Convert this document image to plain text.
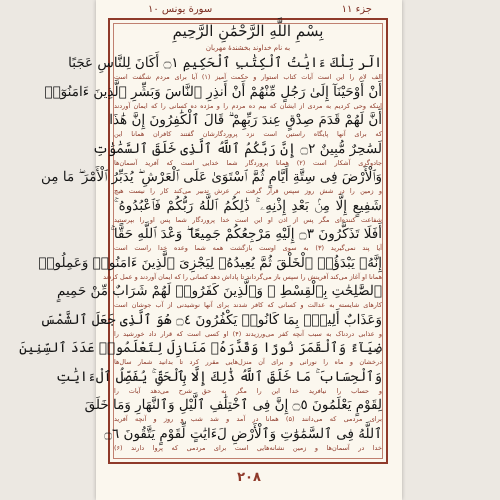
جزء ۱۱
سورة يونس ۱۰
بِسْمِ اللَّهِ الرَّحْمَٰنِ الرَّحِيمِ
به نام خداوند بخشندهٔ مهربان
الٓر تِلْكَ ءَايَٰتُ ٱلْكِتَٰبِ ٱلْحَكِيمِ ۝١ أَكَانَ لِلنَّاسِ عَجَبًا
الف لام را این است آیات کتاب استوار و حکمت آمیز (۱) آیا برای مردم شگفت است
أَنْ أَوْحَيْنَآ إِلَىٰ رَجُلٍ مِّنْهُمْ أَنْ أَنذِرِ ٱلنَّاسَ وَبَشِّرِ ٱلَّذِينَ ءَامَنُوٓا۟
اینکه وحی کردیم به مردی از ایشان که بیم ده مردم را و مژده ده کسانی را که ایمان آوردند
أَنَّ لَهُمْ قَدَمَ صِدْقٍ عِندَ رَبِّهِمْ ۗ قَالَ ٱلْكَٰفِرُونَ إِنَّ هَٰذَا
که برای آنها پایگاه راستین است نزد پروردگارشان گفتند کافران همانا این
لَسَٰحِرٌ مُّبِينٌ ۝٢ إِنَّ رَبَّكُمُ ٱللَّهُ ٱلَّذِى خَلَقَ ٱلسَّمَٰوَٰتِ
جادوگری آشکار است (۲) همانا پروردگار شما خدایی است که آفرید آسمان‌ها
وَٱلْأَرْضَ فِى سِتَّةِ أَيَّامٍ ثُمَّ ٱسْتَوَىٰ عَلَى ٱلْعَرْشِ ۖ يُدَبِّرُ ٱلْأَمْرَ ۖ مَا مِن
و زمین را در شش روز سپس قرار گرفت بر عرش تدبیر می‌کند کار را نیست هیچ
شَفِيعٍ إِلَّا مِنۢ بَعْدِ إِذْنِهِۦ ۚ ذَٰلِكُمُ ٱللَّهُ رَبُّكُمْ فَٱعْبُدُوهُ ۚ
شفاعت کننده‌ای مگر پس از اذن او این است خدا پروردگار شما پس او را بپرستید
أَفَلَا تَذَكَّرُونَ ۝٣ إِلَيْهِ مَرْجِعُكُمْ جَمِيعًا ۖ وَعْدَ ٱللَّهِ حَقًّا ۚ
آیا پند نمی‌گیرید (۳) به سوی اوست بازگشت همه شما وعده خدا راست است
إِنَّهُۥ يَبْدَؤُا۟ ٱلْخَلْقَ ثُمَّ يُعِيدُهُۥ لِيَجْزِىَ ٱلَّذِينَ ءَامَنُوا۟ وَعَمِلُوا۟
همانا او آغاز می‌کند آفرینش را سپس باز می‌گرداند تا پاداش دهد کسانی را که ایمان آوردند و عمل کردند
ٱلصَّٰلِحَٰتِ بِٱلْقِسْطِ ۚ وَٱلَّذِينَ كَفَرُوا۟ لَهُمْ شَرَابٌ مِّنْ حَمِيمٍ
کارهای شایسته به عدالت و کسانی که کافر شدند برای آنها نوشیدنی از آب جوشان است
وَعَذَابٌ أَلِيمٌۢ بِمَا كَانُوا۟ يَكْفُرُونَ ۝٤ هُوَ ٱلَّذِى جَعَلَ ٱلشَّمْسَ
و عذابی دردناک به سبب آنچه کفر می‌ورزیدند (۴) او کسی است که قرار داد خورشید را
ضِيَآءً وَٱلْقَمَرَ نُورًا وَقَدَّرَهُۥ مَنَازِلَ لِتَعْلَمُوا۟ عَدَدَ ٱلسِّنِينَ
درخشان و ماه را نورانی و برای آن منزل‌هایی مقرر کرد تا بدانید شمار سال‌ها
وَٱلْحِسَابَ ۚ مَا خَلَقَ ٱللَّهُ ذَٰلِكَ إِلَّا بِٱلْحَقِّ ۚ يُفَصِّلُ ٱلْءَايَٰتِ
و حساب را نیافرید خدا این را مگر به حق شرح می‌دهد آیات را
لِقَوْمٍ يَعْلَمُونَ ۝٥ إِنَّ فِى ٱخْتِلَٰفِ ٱلَّيْلِ وَٱلنَّهَارِ وَمَا خَلَقَ
برای مردمی که می‌دانند (۵) همانا در آمد و شد شب و روز و آنچه آفرید
ٱللَّهُ فِى ٱلسَّمَٰوَٰتِ وَٱلْأَرْضِ لَءَايَٰتٍ لِّقَوْمٍ يَتَّقُونَ ۝٦
خدا در آسمان‌ها و زمین نشانه‌هایی است برای مردمی که پروا دارند (۶)
۲۰۸
